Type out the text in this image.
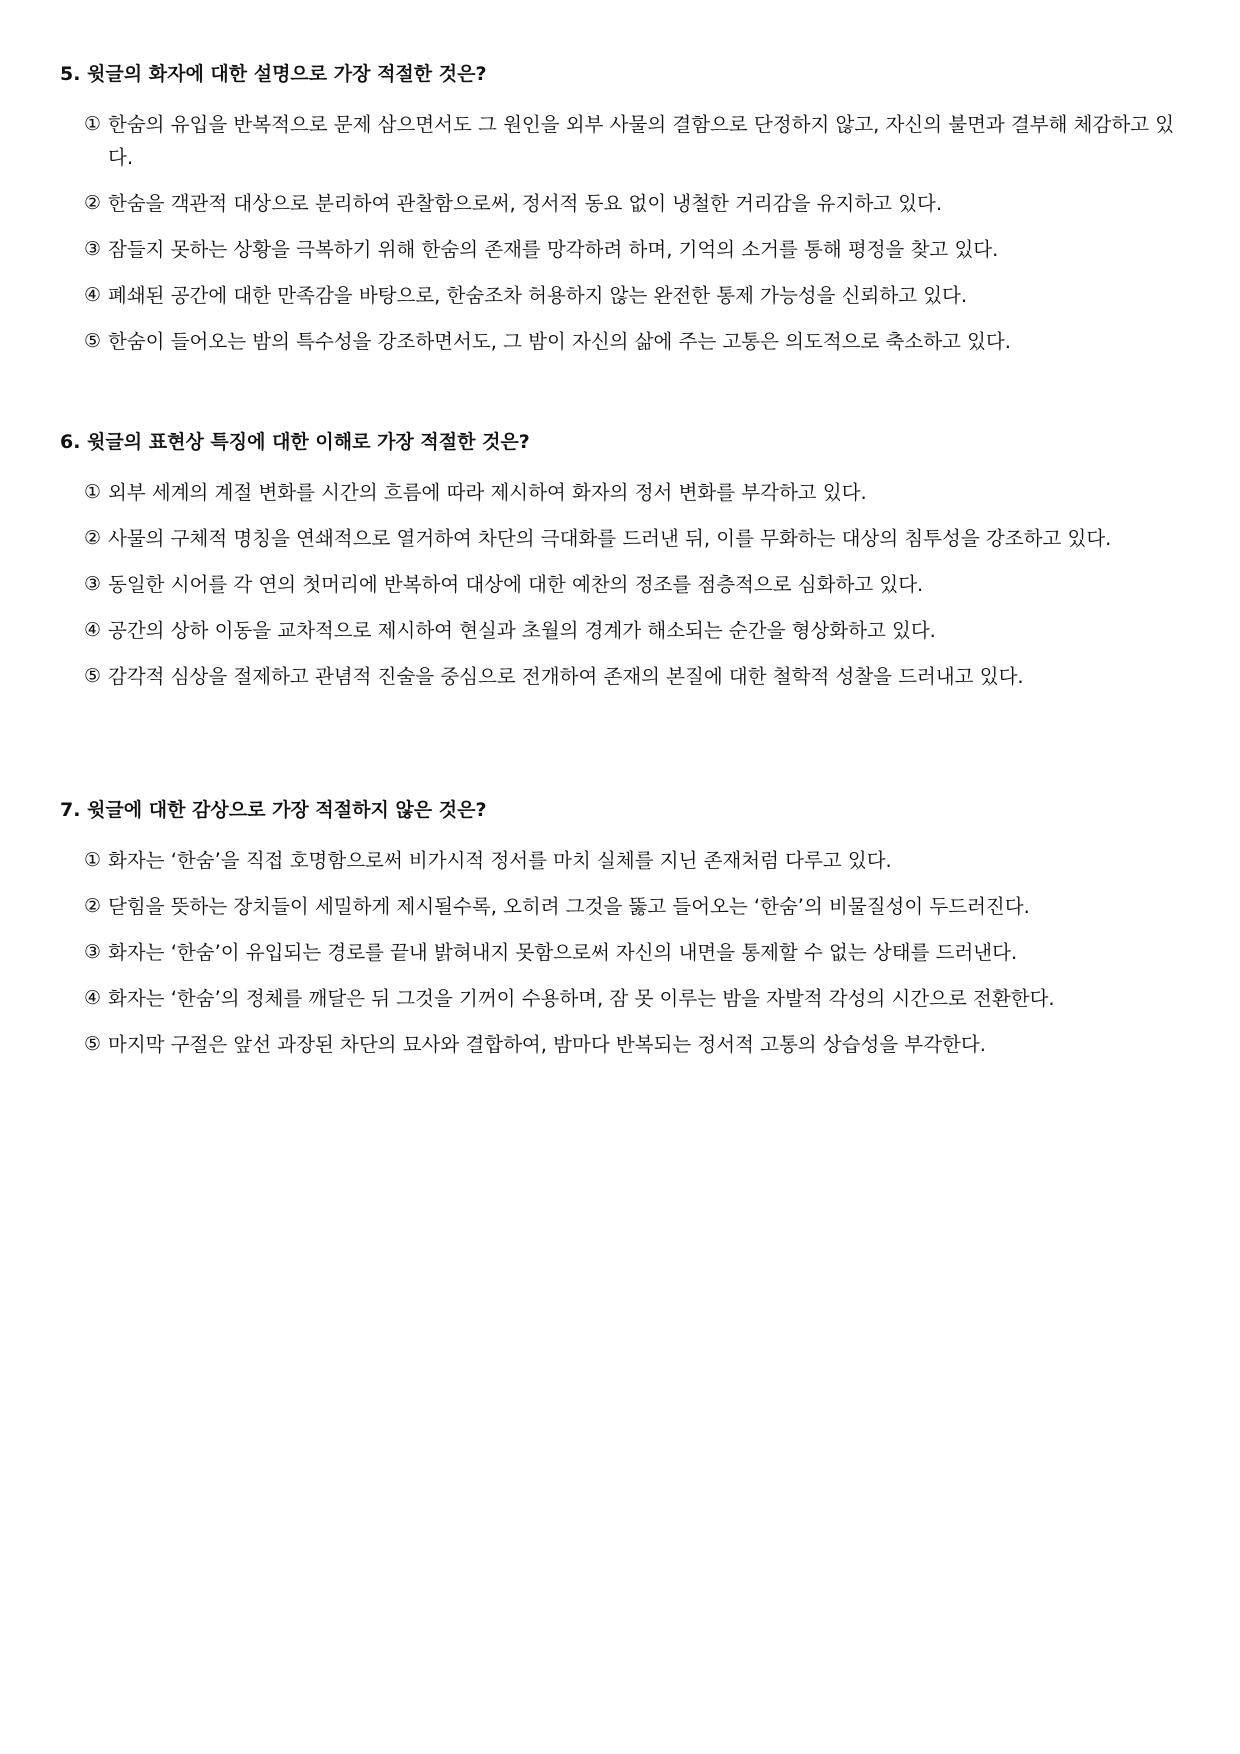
5. 윗글의 화자에 대한 설명으로 가장 적절한 것은?
① 한숨의 유입을 반복적으로 문제 삼으면서도 그 원인을 외부 사물의 결함으로 단정하지 않고, 자신의 불면과 결부해 체감하고 있다.
② 한숨을 객관적 대상으로 분리하여 관찰함으로써, 정서적 동요 없이 냉철한 거리감을 유지하고 있다.
③ 잠들지 못하는 상황을 극복하기 위해 한숨의 존재를 망각하려 하며, 기억의 소거를 통해 평정을 찾고 있다.
④ 폐쇄된 공간에 대한 만족감을 바탕으로, 한숨조차 허용하지 않는 완전한 통제 가능성을 신뢰하고 있다.
⑤ 한숨이 들어오는 밤의 특수성을 강조하면서도, 그 밤이 자신의 삶에 주는 고통은 의도적으로 축소하고 있다.
6. 윗글의 표현상 특징에 대한 이해로 가장 적절한 것은?
① 외부 세계의 계절 변화를 시간의 흐름에 따라 제시하여 화자의 정서 변화를 부각하고 있다.
② 사물의 구체적 명칭을 연쇄적으로 열거하여 차단의 극대화를 드러낸 뒤, 이를 무화하는 대상의 침투성을 강조하고 있다.
③ 동일한 시어를 각 연의 첫머리에 반복하여 대상에 대한 예찬의 정조를 점층적으로 심화하고 있다.
④ 공간의 상하 이동을 교차적으로 제시하여 현실과 초월의 경계가 해소되는 순간을 형상화하고 있다.
⑤ 감각적 심상을 절제하고 관념적 진술을 중심으로 전개하여 존재의 본질에 대한 철학적 성찰을 드러내고 있다.
7. 윗글에 대한 감상으로 가장 적절하지 않은 것은?
① 화자는 ‘한숨’을 직접 호명함으로써 비가시적 정서를 마치 실체를 지닌 존재처럼 다루고 있다.
② 닫힘을 뜻하는 장치들이 세밀하게 제시될수록, 오히려 그것을 뚫고 들어오는 ‘한숨’의 비물질성이 두드러진다.
③ 화자는 ‘한숨’이 유입되는 경로를 끝내 밝혀내지 못함으로써 자신의 내면을 통제할 수 없는 상태를 드러낸다.
④ 화자는 ‘한숨’의 정체를 깨달은 뒤 그것을 기꺼이 수용하며, 잠 못 이루는 밤을 자발적 각성의 시간으로 전환한다.
⑤ 마지막 구절은 앞선 과장된 차단의 묘사와 결합하여, 밤마다 반복되는 정서적 고통의 상습성을 부각한다.
